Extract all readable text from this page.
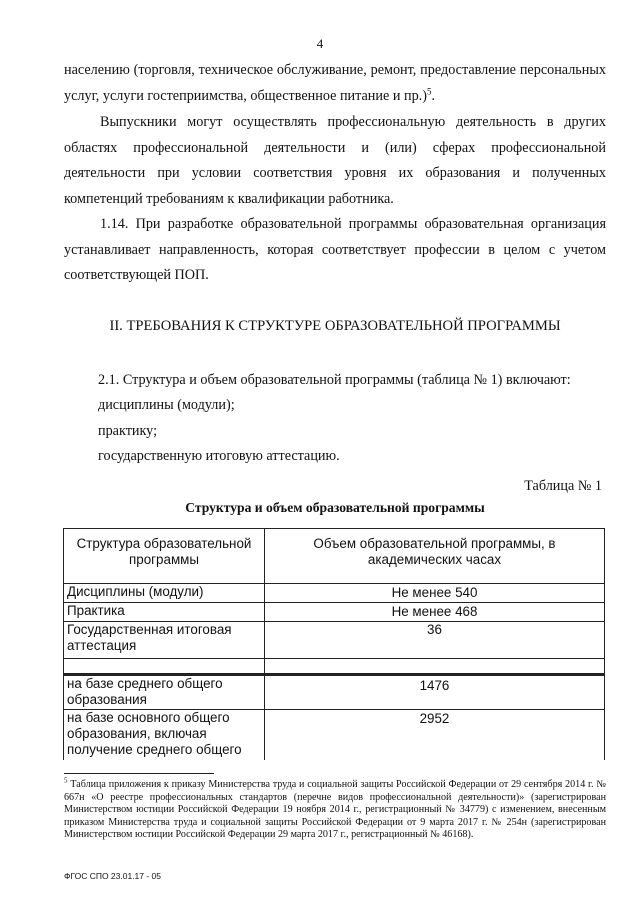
4

населению (торговля, техническое обслуживание, ремонт, предоставление персональных услуг, услуги гостеприимства, общественное питание и пр.)$^5$.

Выпускники могут осуществлять профессиональную деятельность в других областях профессиональной деятельности и (или) сферах профессиональной деятельности при условии соответствия уровня их образования и полученных компетенций требованиям к квалификации работника.

1.14. При разработке образовательной программы образовательная организация устанавливает направленность, которая соответствует профессии в целом с учетом соответствующей ПОП.

II. ТРЕБОВАНИЯ К СТРУКТУРЕ ОБРАЗОВАТЕЛЬНОЙ ПРОГРАММЫ
2.1. Структура и объем образовательной программы (таблица № 1) включают:
дисциплины (модули);
практику;
государственную итоговую аттестацию.
Таблица № 1
Структура и объем образовательной программы
Структура образовательной программы
Объем образовательной программы, в академических часах
Дисциплины (модули)	Не менее 540
Практика	Не менее 468
Государственная итоговая аттестация
36
на базе среднего общего образования
1476
на базе основного общего образования, включая получение среднего общего
2952

$^5$ Таблица приложения к приказу Министерства труда и социальной защиты Российской Федерации от 29 сентября 2014 г. № 667н «О реестре профессиональных стандартов (перечне видов профессиональной деятельности)» (зарегистрирован Министерством юстиции Российской Федерации 19 ноября 2014 г., регистрационный № 34779) с изменением, внесенным приказом Министерства труда и социальной защиты Российской Федерации от 9 марта 2017 г. № 254н (зарегистрирован Министерством юстиции Российской Федерации 29 марта 2017 г., регистрационный № 46168).

ФГОС СПО 23.01.17 - 05
